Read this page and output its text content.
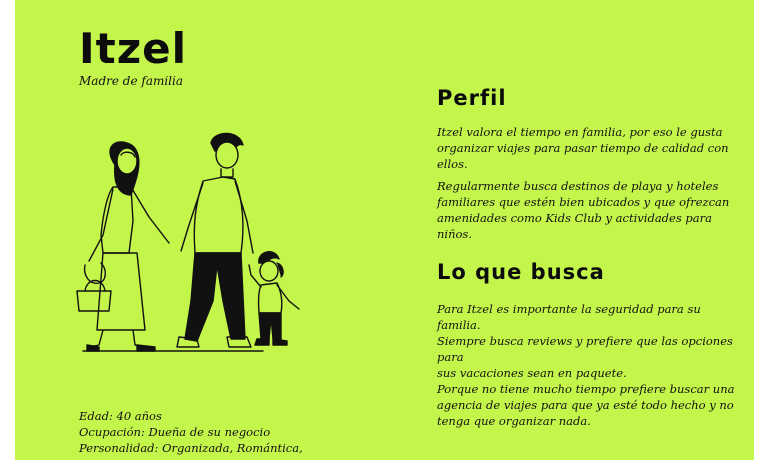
Itzel
Madre de familia
Edad: 40 años
Ocupación: Dueña de su negocio
Personalidad: Organizada, Romántica,
Perfil
Itzel valora el tiempo en familia, por eso le gusta
organizar viajes para pasar tiempo de calidad con ellos.
Regularmente busca destinos de playa y hoteles
familiares que estén bien ubicados y que ofrezcan
amenidades como Kids Club y actividades para niños.
Lo que busca
Para Itzel es importante la seguridad para su familia.
Siempre busca reviews y prefiere que las opciones para
sus vacaciones sean en paquete.
Porque no tiene mucho tiempo prefiere buscar una
agencia de viajes para que ya esté todo hecho y no
tenga que organizar nada.
